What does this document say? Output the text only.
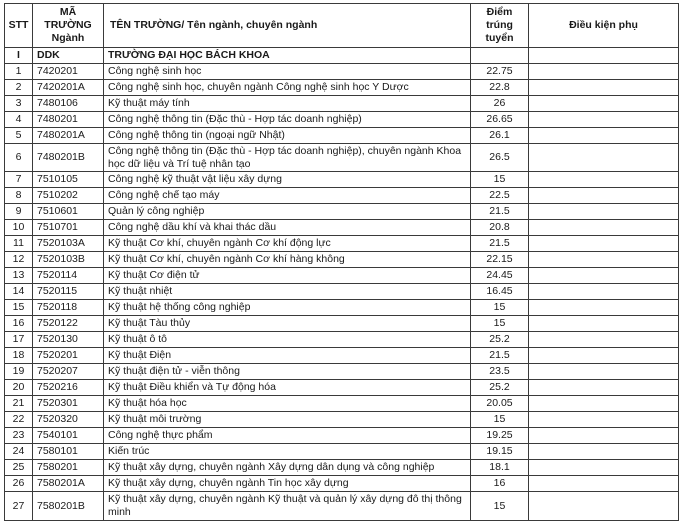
STT	MÃ TRƯỜNG Ngành	TÊN TRƯỜNG/ Tên ngành, chuyên ngành	Điểm trúng tuyển	Điều kiện phụ
I	DDK	TRƯỜNG ĐẠI HỌC BÁCH KHOA		
1	7420201	Công nghệ sinh học	22.75	
2	7420201A	Công nghệ sinh học, chuyên ngành Công nghệ sinh học Y Dược	22.8	
3	7480106	Kỹ thuật máy tính	26	
4	7480201	Công nghệ thông tin (Đặc thù - Hợp tác doanh nghiệp)	26.65	
5	7480201A	Công nghệ thông tin (ngoại ngữ Nhật)	26.1	
6	7480201B	Công nghệ thông tin (Đặc thù - Hợp tác doanh nghiệp), chuyên ngành Khoa học dữ liệu và Trí tuệ nhân tạo	26.5	
7	7510105	Công nghệ kỹ thuật vật liệu xây dựng	15	
8	7510202	Công nghệ chế tạo máy	22.5	
9	7510601	Quản lý công nghiệp	21.5	
10	7510701	Công nghệ dầu khí và khai thác dầu	20.8	
11	7520103A	Kỹ thuật Cơ khí, chuyên ngành Cơ khí động lực	21.5	
12	7520103B	Kỹ thuật Cơ khí, chuyên ngành Cơ khí hàng không	22.15	
13	7520114	Kỹ thuật Cơ điện tử	24.45	
14	7520115	Kỹ thuật nhiệt	16.45	
15	7520118	Kỹ thuật hệ thống công nghiệp	15	
16	7520122	Kỹ thuật Tàu thủy	15	
17	7520130	Kỹ thuật ô tô	25.2	
18	7520201	Kỹ thuật Điện	21.5	
19	7520207	Kỹ thuật điện tử - viễn thông	23.5	
20	7520216	Kỹ thuật Điều khiển và Tự động hóa	25.2	
21	7520301	Kỹ thuật hóa học	20.05	
22	7520320	Kỹ thuật môi trường	15	
23	7540101	Công nghệ thực phẩm	19.25	
24	7580101	Kiến trúc	19.15	
25	7580201	Kỹ thuật xây dựng, chuyên ngành Xây dựng dân dụng và công nghiệp	18.1	
26	7580201A	Kỹ thuật xây dựng, chuyên ngành Tin học xây dựng	16	
27	7580201B	Kỹ thuật xây dựng, chuyên ngành Kỹ thuật và quản lý xây dựng đô thị thông minh	15	
